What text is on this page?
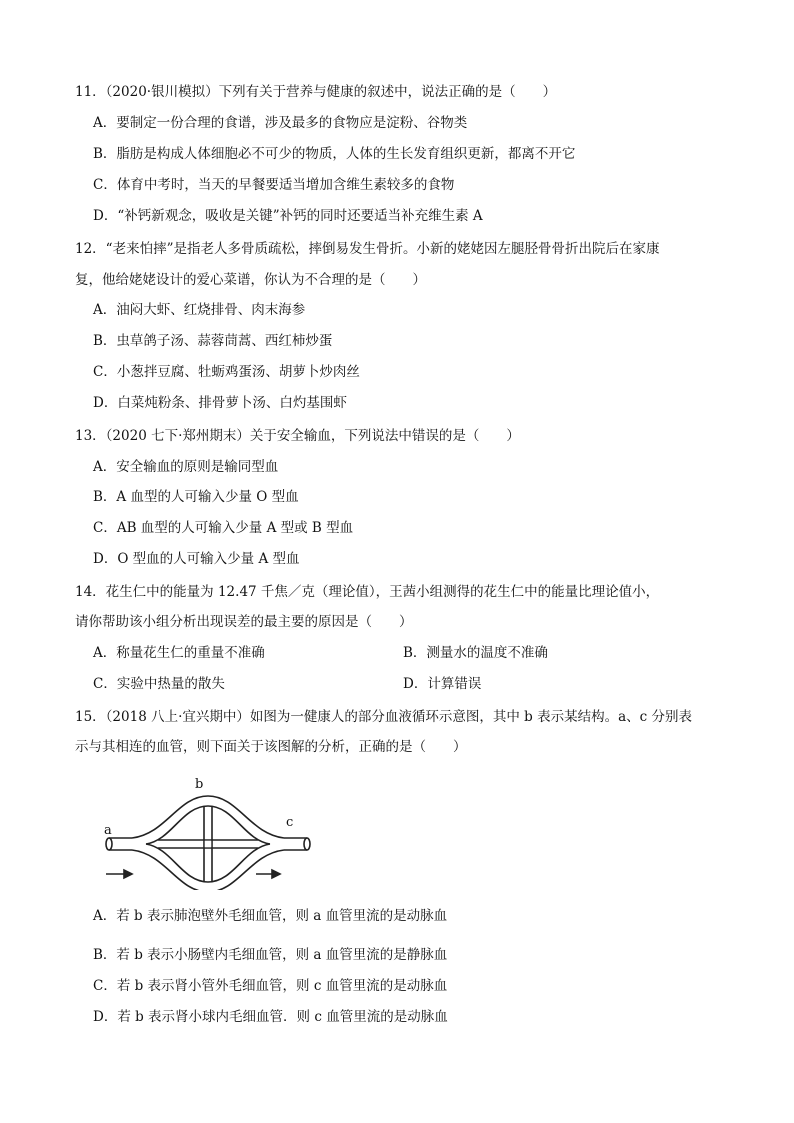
11．（2020·银川模拟）下列有关于营养与健康的叙述中，说法正确的是（　　）
A．要制定一份合理的食谱，涉及最多的食物应是淀粉、谷物类
B．脂肪是构成人体细胞必不可少的物质，人体的生长发育组织更新，都离不开它
C．体育中考时，当天的早餐要适当增加含维生素较多的食物
D．“补钙新观念，吸收是关键”补钙的同时还要适当补充维生素 A
12．“老来怕摔”是指老人多骨质疏松，摔倒易发生骨折。小新的姥姥因左腿胫骨骨折出院后在家康
复，他给姥姥设计的爱心菜谱，你认为不合理的是（　　）
A．油闷大虾、红烧排骨、肉末海参
B．虫草鸽子汤、蒜蓉茼蒿、西红柿炒蛋
C．小葱拌豆腐、牡蛎鸡蛋汤、胡萝卜炒肉丝
D．白菜炖粉条、排骨萝卜汤、白灼基围虾
13．（2020 七下·郑州期末）关于安全输血，下列说法中错误的是（　　）
A．安全输血的原则是输同型血
B．A 血型的人可输入少量 O 型血
C．AB 血型的人可输入少量 A 型或 B 型血
D．O 型血的人可输入少量 A 型血
14．花生仁中的能量为 12.47 千焦／克（理论值），王茜小组测得的花生仁中的能量比理论值小，
请你帮助该小组分析出现误差的最主要的原因是（　　）
A．称量花生仁的重量不准确	B．测量水的温度不准确
C．实验中热量的散失	D．计算错误
15．（2018 八上·宜兴期中）如图为一健康人的部分血液循环示意图，其中 b 表示某结构。a、c 分别表
示与其相连的血管，则下面关于该图解的分析，正确的是（　　）
a
b
c
A．若 b 表示肺泡壁外毛细血管，则 a 血管里流的是动脉血
B．若 b 表示小肠壁内毛细血管，则 a 血管里流的是静脉血
C．若 b 表示肾小管外毛细血管，则 c 血管里流的是动脉血
D．若 b 表示肾小球内毛细血管．则 c 血管里流的是动脉血
